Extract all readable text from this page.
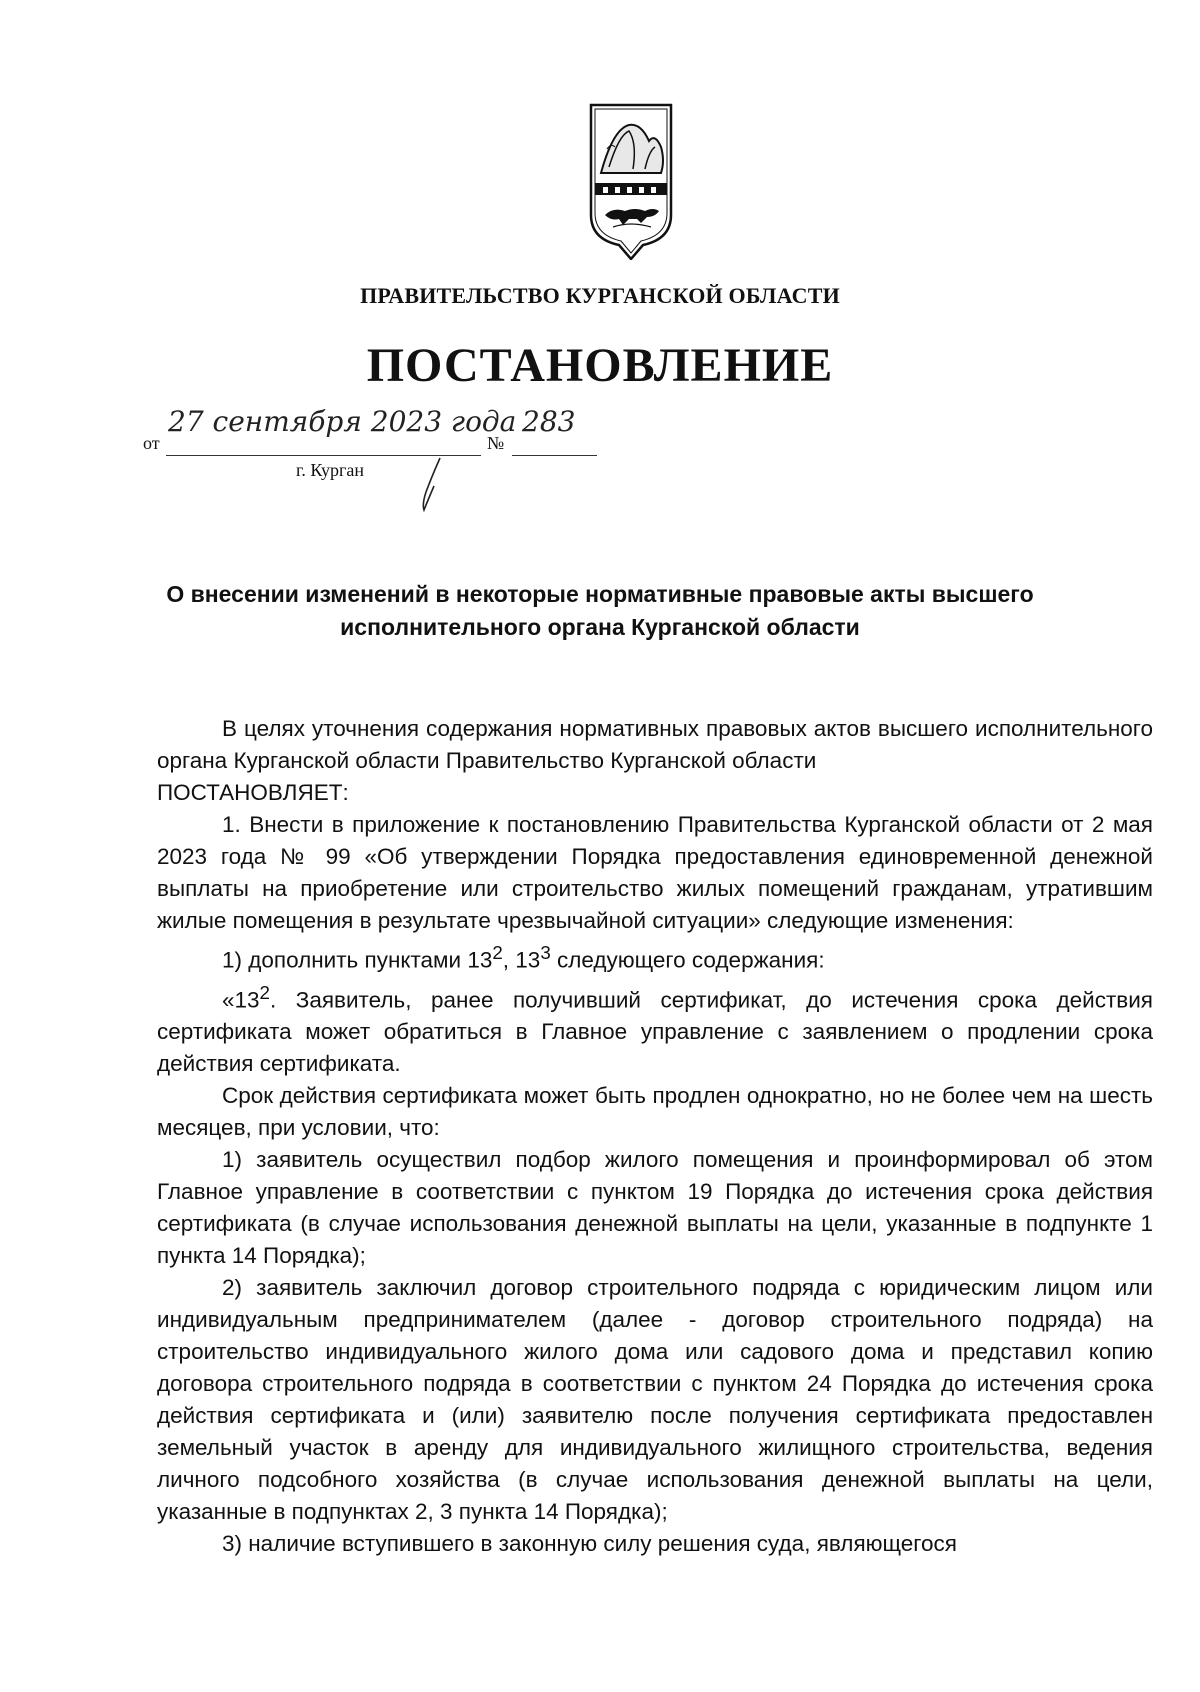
ПРАВИТЕЛЬСТВО КУРГАНСКОЙ ОБЛАСТИ
ПОСТАНОВЛЕНИЕ
от
27 сентября 2023 года
№
283
г. Курган
О внесении изменений в некоторые нормативные правовые акты высшего
исполнительного органа Курганской области

В целях уточнения содержания нормативных правовых актов высшего исполнительного органа Курганской области Правительство Курганской области

ПОСТАНОВЛЯЕТ:

1. Внести в приложение к постановлению Правительства Курганской области от 2 мая 2023 года № 99 «Об утверждении Порядка предоставления единовременной денежной выплаты на приобретение или строительство жилых помещений гражданам, утратившим жилые помещения в результате чрезвычайной ситуации» следующие изменения:

1) дополнить пунктами $13^2$, $13^3$ следующего содержания:

«$13^2$. Заявитель, ранее получивший сертификат, до истечения срока действия сертификата может обратиться в Главное управление с заявлением о продлении срока действия сертификата.

Срок действия сертификата может быть продлен однократно, но не более чем на шесть месяцев, при условии, что:

1) заявитель осуществил подбор жилого помещения и проинформировал об этом Главное управление в соответствии с пунктом 19 Порядка до истечения срока действия сертификата (в случае использования денежной выплаты на цели, указанные в подпункте 1 пункта 14 Порядка);

2) заявитель заключил договор строительного подряда с юридическим лицом или индивидуальным предпринимателем (далее - договор строительного подряда) на строительство индивидуального жилого дома или садового дома и представил копию договора строительного подряда в соответствии с пунктом 24 Порядка до истечения срока действия сертификата и (или) заявителю после получения сертификата предоставлен земельный участок в аренду для индивидуального жилищного строительства, ведения личного подсобного хозяйства (в случае использования денежной выплаты на цели, указанные в подпунктах 2, 3 пункта 14 Порядка);

3) наличие вступившего в законную силу решения суда, являющегося
